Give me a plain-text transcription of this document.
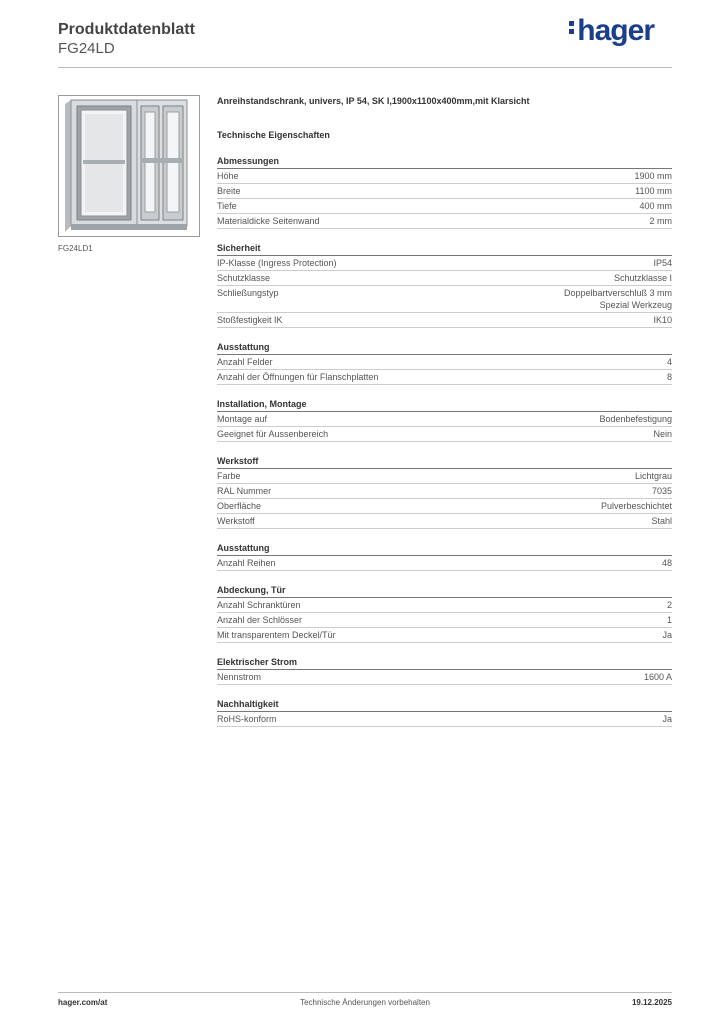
Produktdatenblatt
FG24LD
hager
FG24LD1
Anreihstandschrank, univers, IP 54, SK I,1900x1100x400mm,mit Klarsicht
Technische Eigenschaften
Abmessungen
Höhe	1900 mm
Breite	1100 mm
Tiefe	400 mm
Materialdicke Seitenwand	2 mm
Sicherheit
IP-Klasse (Ingress Protection)	IP54
Schutzklasse	Schutzklasse I
Schließungstyp	Doppelbartverschluß 3 mm
Spezial Werkzeug
Stoßfestigkeit IK	IK10
Ausstattung
Anzahl Felder	4
Anzahl der Öffnungen für Flanschplatten	8
Installation, Montage
Montage auf	Bodenbefestigung
Geeignet für Aussenbereich	Nein
Werkstoff
Farbe	Lichtgrau
RAL Nummer	7035
Oberfläche	Pulverbeschichtet
Werkstoff	Stahl
Ausstattung
Anzahl Reihen	48
Abdeckung, Tür
Anzahl Schranktüren	2
Anzahl der Schlösser	1
Mit transparentem Deckel/Tür	Ja
Elektrischer Strom
Nennstrom	1600 A
Nachhaltigkeit
RoHS-konform	Ja
hager.com/at	Technische Änderungen vorbehalten	19.12.2025
